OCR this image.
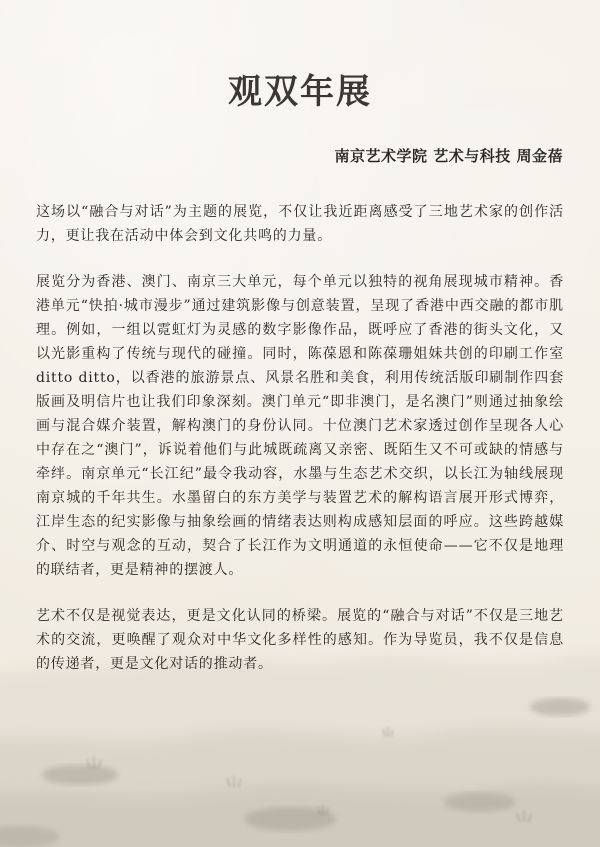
观双年展
南京艺术学院 艺术与科技 周金蓓

这场以“融合与对话”为主题的展览，不仅让我近距离感受了三地艺术家的创作活力，更让我在活动中体会到文化共鸣的力量。

展览分为香港、澳门、南京三大单元，每个单元以独特的视角展现城市精神。香港单元“快拍·城市漫步”通过建筑影像与创意装置，呈现了香港中西交融的都市肌理。例如，一组以霓虹灯为灵感的数字影像作品，既呼应了香港的街头文化，又以光影重构了传统与现代的碰撞。同时，陈葆恩和陈葆珊姐妹共创的印刷工作室ditto ditto，以香港的旅游景点、风景名胜和美食，利用传统活版印刷制作四套版画及明信片也让我们印象深刻。澳门单元“即非澳门，是名澳门”则通过抽象绘画与混合媒介装置，解构澳门的身份认同。十位澳门艺术家透过创作呈现各人心中存在之“澳门”，诉说着他们与此城既疏离又亲密、既陌生又不可或缺的情感与牵绊。南京单元“长江纪”最令我动容，水墨与生态艺术交织，以长江为轴线展现南京城的千年共生。水墨留白的东方美学与装置艺术的解构语言展开形式博弈，江岸生态的纪实影像与抽象绘画的情绪表达则构成感知层面的呼应。这些跨越媒介、时空与观念的互动，契合了长江作为文明通道的永恒使命——它不仅是地理的联结者，更是精神的摆渡人。

艺术不仅是视觉表达，更是文化认同的桥梁。展览的“融合与对话”不仅是三地艺术的交流，更唤醒了观众对中华文化多样性的感知。作为导览员，我不仅是信息的传递者，更是文化对话的推动者。
